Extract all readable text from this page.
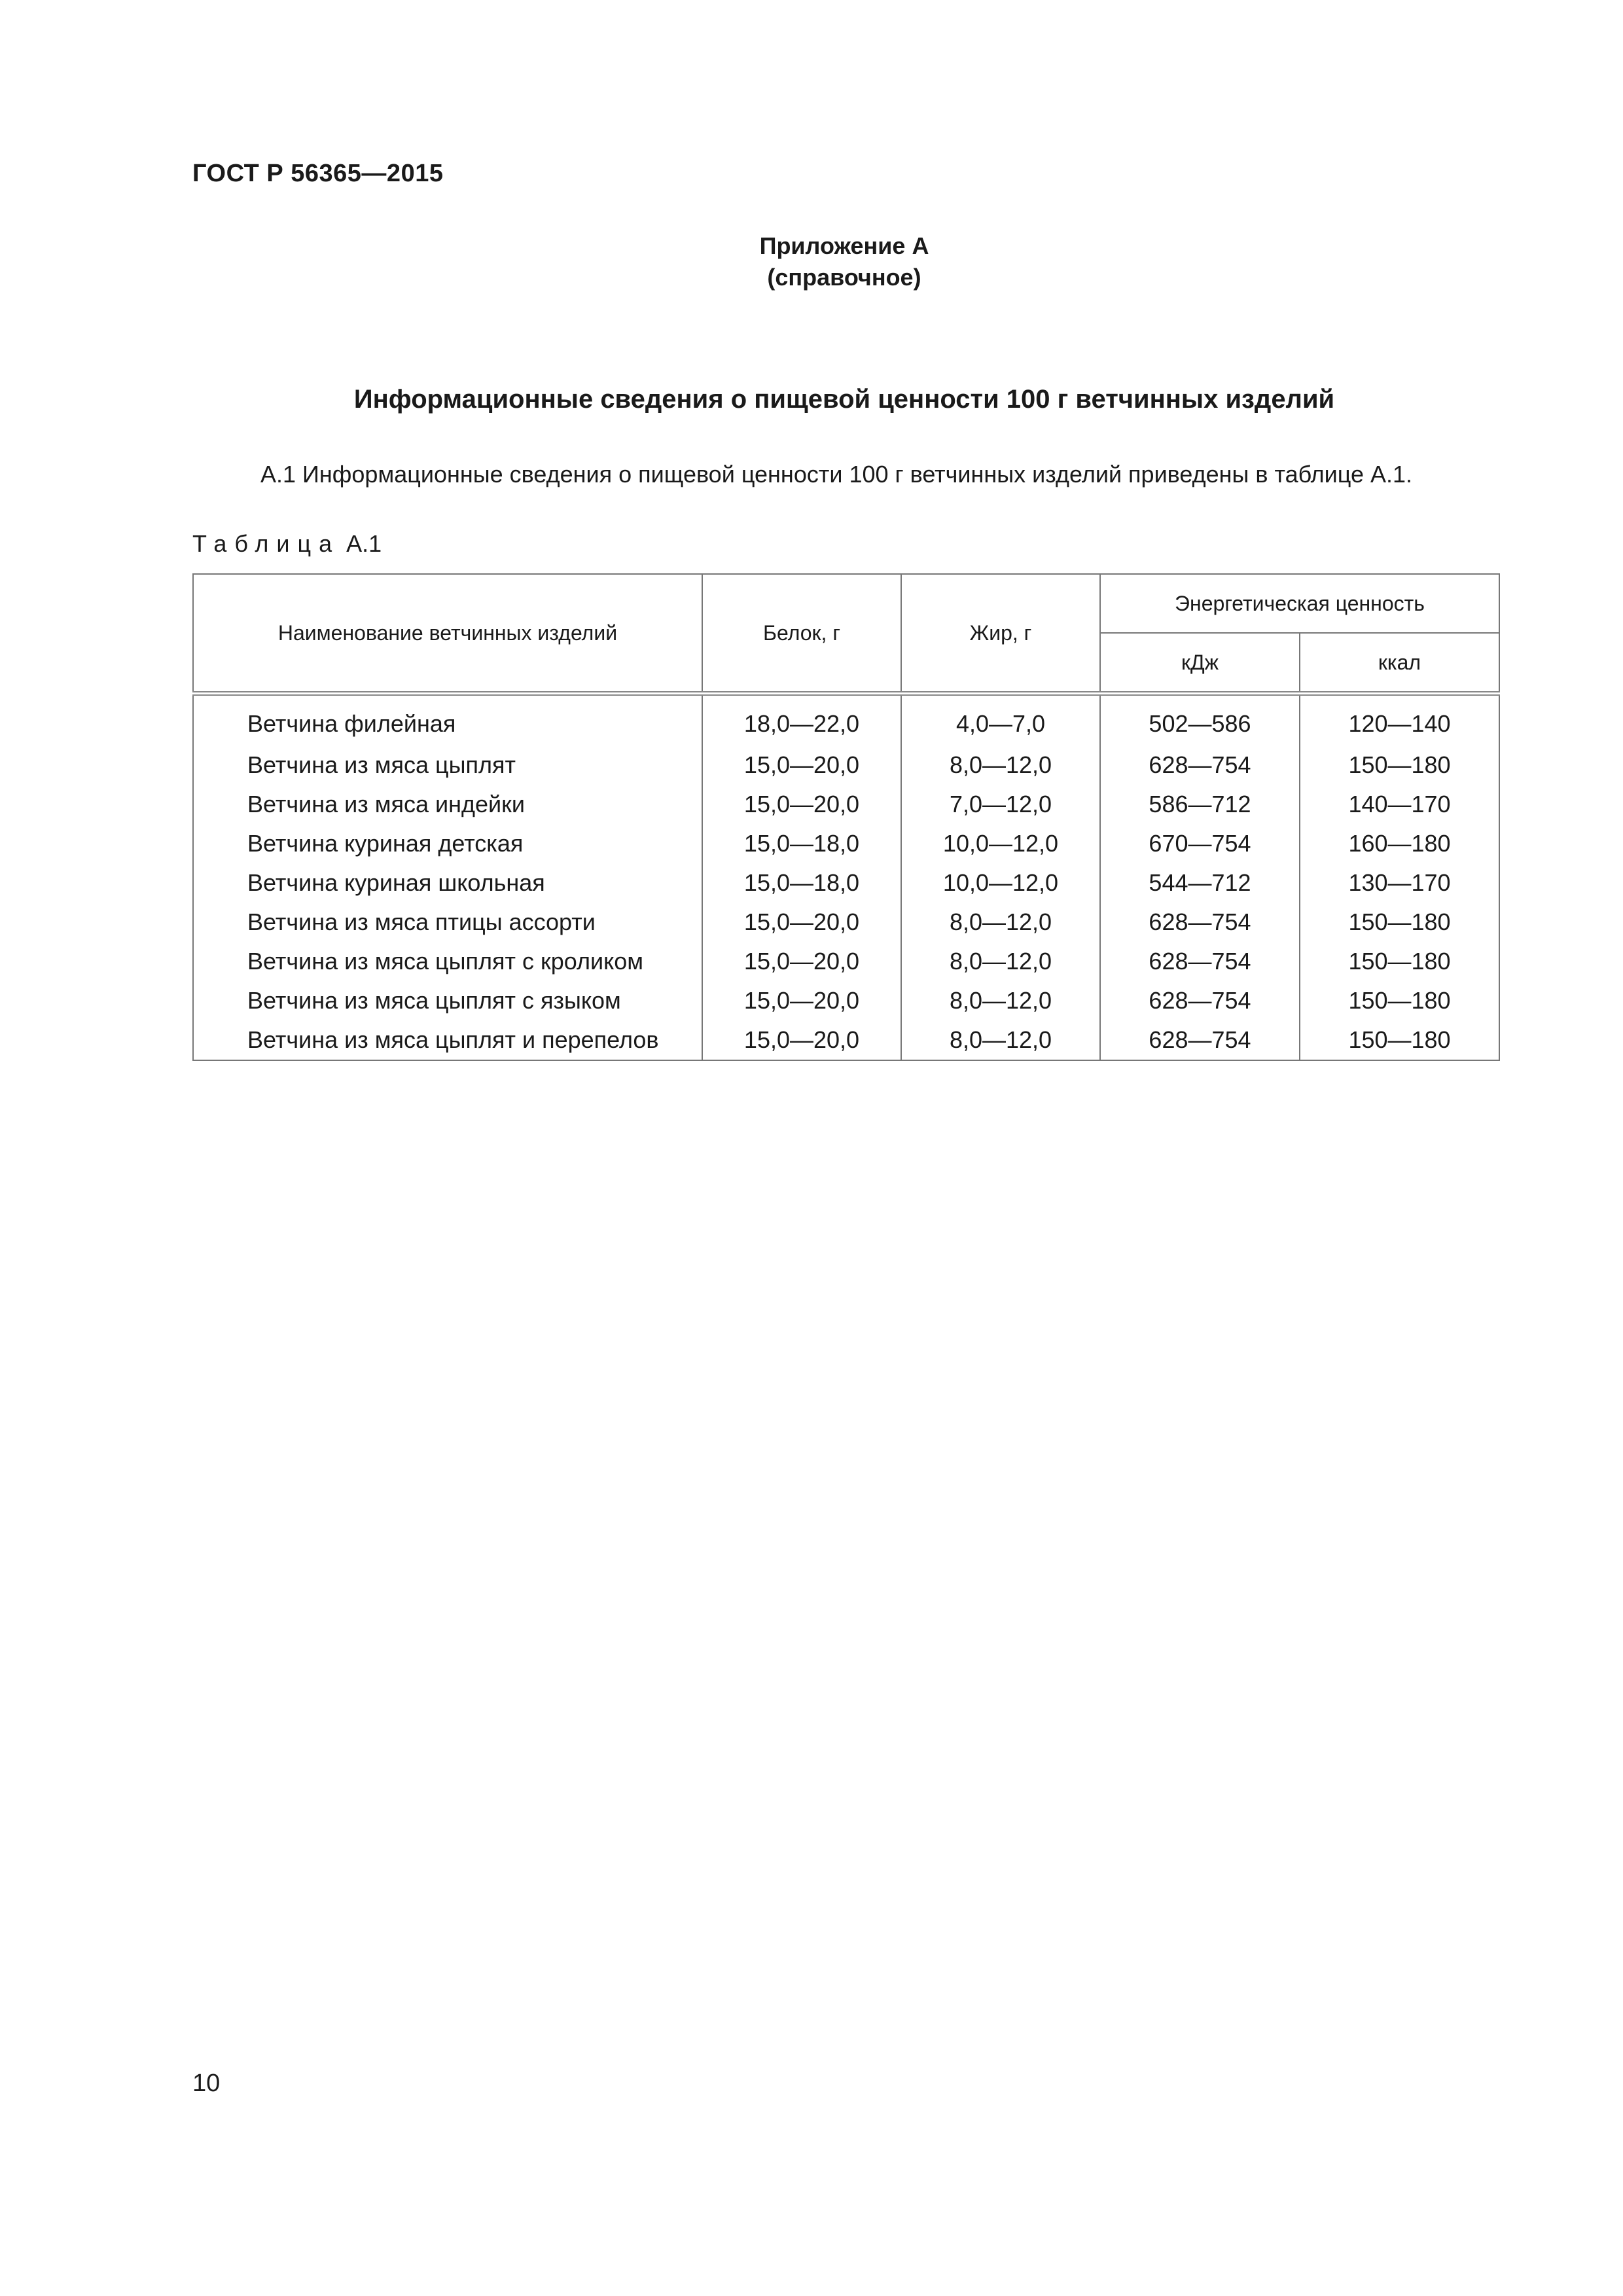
ГОСТ Р 56365—2015
Приложение А
(справочное)
Информационные сведения о пищевой ценности 100 г ветчинных изделий
А.1 Информационные сведения о пищевой ценности 100 г ветчинных изделий приведены в таблице А.1.
Таблица А.1
Наименование ветчинных изделий	Белок, г	Жир, г	Энергетическая ценность	
			кДж	ккал
Ветчина филейная	18,0—22,0	4,0—7,0	502—586	120—140
Ветчина из мяса цыплят	15,0—20,0	8,0—12,0	628—754	150—180
Ветчина из мяса индейки	15,0—20,0	7,0—12,0	586—712	140—170
Ветчина куриная детская	15,0—18,0	10,0—12,0	670—754	160—180
Ветчина куриная школьная	15,0—18,0	10,0—12,0	544—712	130—170
Ветчина из мяса птицы ассорти	15,0—20,0	8,0—12,0	628—754	150—180
Ветчина из мяса цыплят с кроликом	15,0—20,0	8,0—12,0	628—754	150—180
Ветчина из мяса цыплят с языком	15,0—20,0	8,0—12,0	628—754	150—180
Ветчина из мяса цыплят и перепелов	15,0—20,0	8,0—12,0	628—754	150—180
10
